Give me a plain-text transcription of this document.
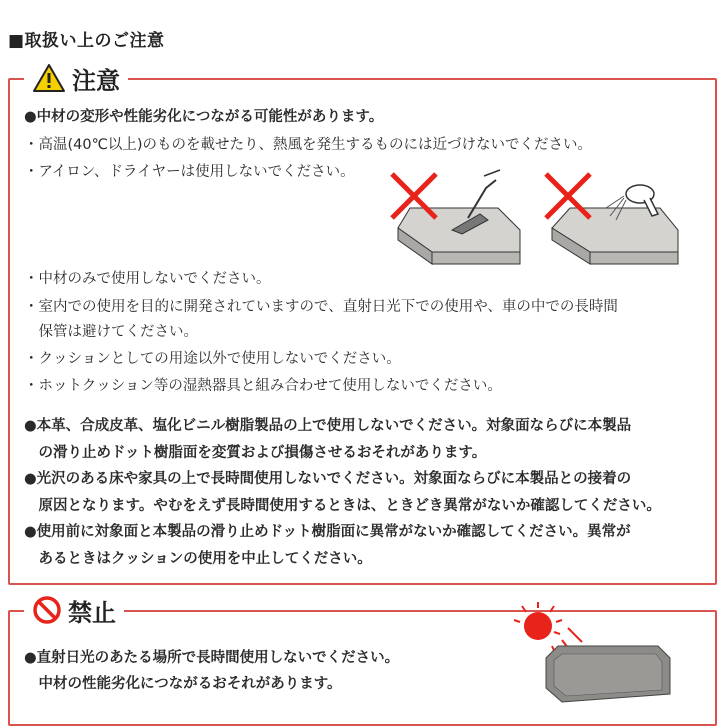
■取扱い上のご注意
注意
●中材の変形や性能劣化につながる可能性があります。
・高温(40℃以上)のものを載せたり、熱風を発生するものには近づけないでください。
・アイロン、ドライヤーは使用しないでください。
・中材のみで使用しないでください。
・室内での使用を目的に開発されていますので、直射日光下での使用や、車の中での長時間
　保管は避けてください。
・クッションとしての用途以外で使用しないでください。
・ホットクッション等の湿熱器具と組み合わせて使用しないでください。
●本革、合成皮革、塩化ビニル樹脂製品の上で使用しないでください。対象面ならびに本製品
　の滑り止めドット樹脂面を変質および損傷させるおそれがあります。
●光沢のある床や家具の上で長時間使用しないでください。対象面ならびに本製品との接着の
　原因となります。やむをえず長時間使用するときは、ときどき異常がないか確認してください。
●使用前に対象面と本製品の滑り止めドット樹脂面に異常がないか確認してください。異常が
　あるときはクッションの使用を中止してください。
禁止
●直射日光のあたる場所で長時間使用しないでください。
　中材の性能劣化につながるおそれがあります。
